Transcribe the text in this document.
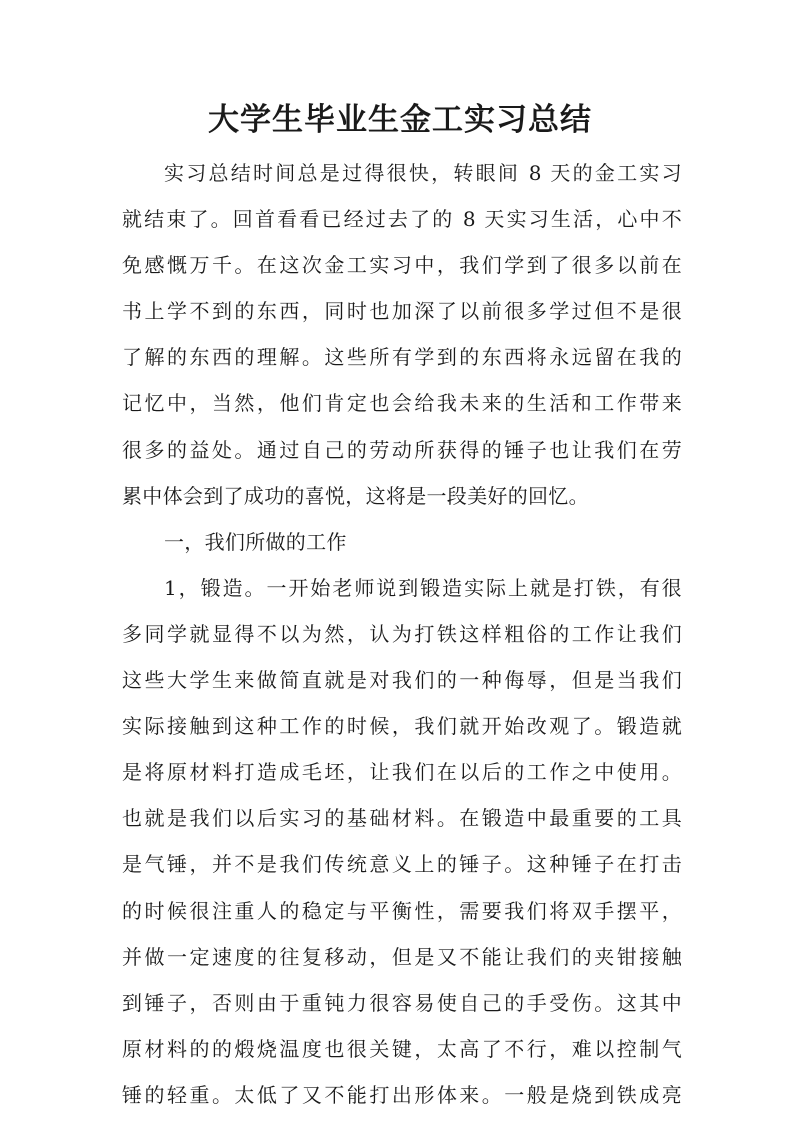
大学生毕业生金工实习总结
实习总结时间总是过得很快，转眼间 8 天的金工实习
就结束了。回首看看已经过去了的 8 天实习生活，心中不
免感慨万千。在这次金工实习中，我们学到了很多以前在
书上学不到的东西，同时也加深了以前很多学过但不是很
了解的东西的理解。这些所有学到的东西将永远留在我的
记忆中，当然，他们肯定也会给我未来的生活和工作带来
很多的益处。通过自己的劳动所获得的锤子也让我们在劳
累中体会到了成功的喜悦，这将是一段美好的回忆。
一，我们所做的工作
1，锻造。一开始老师说到锻造实际上就是打铁，有很
多同学就显得不以为然，认为打铁这样粗俗的工作让我们
这些大学生来做简直就是对我们的一种侮辱，但是当我们
实际接触到这种工作的时候，我们就开始改观了。锻造就
是将原材料打造成毛坯，让我们在以后的工作之中使用。
也就是我们以后实习的基础材料。在锻造中最重要的工具
是气锤，并不是我们传统意义上的锤子。这种锤子在打击
的时候很注重人的稳定与平衡性，需要我们将双手摆平，
并做一定速度的往复移动，但是又不能让我们的夹钳接触
到锤子，否则由于重钝力很容易使自己的手受伤。这其中
原材料的的煅烧温度也很关键，太高了不行，难以控制气
锤的轻重。太低了又不能打出形体来。一般是烧到铁成亮
